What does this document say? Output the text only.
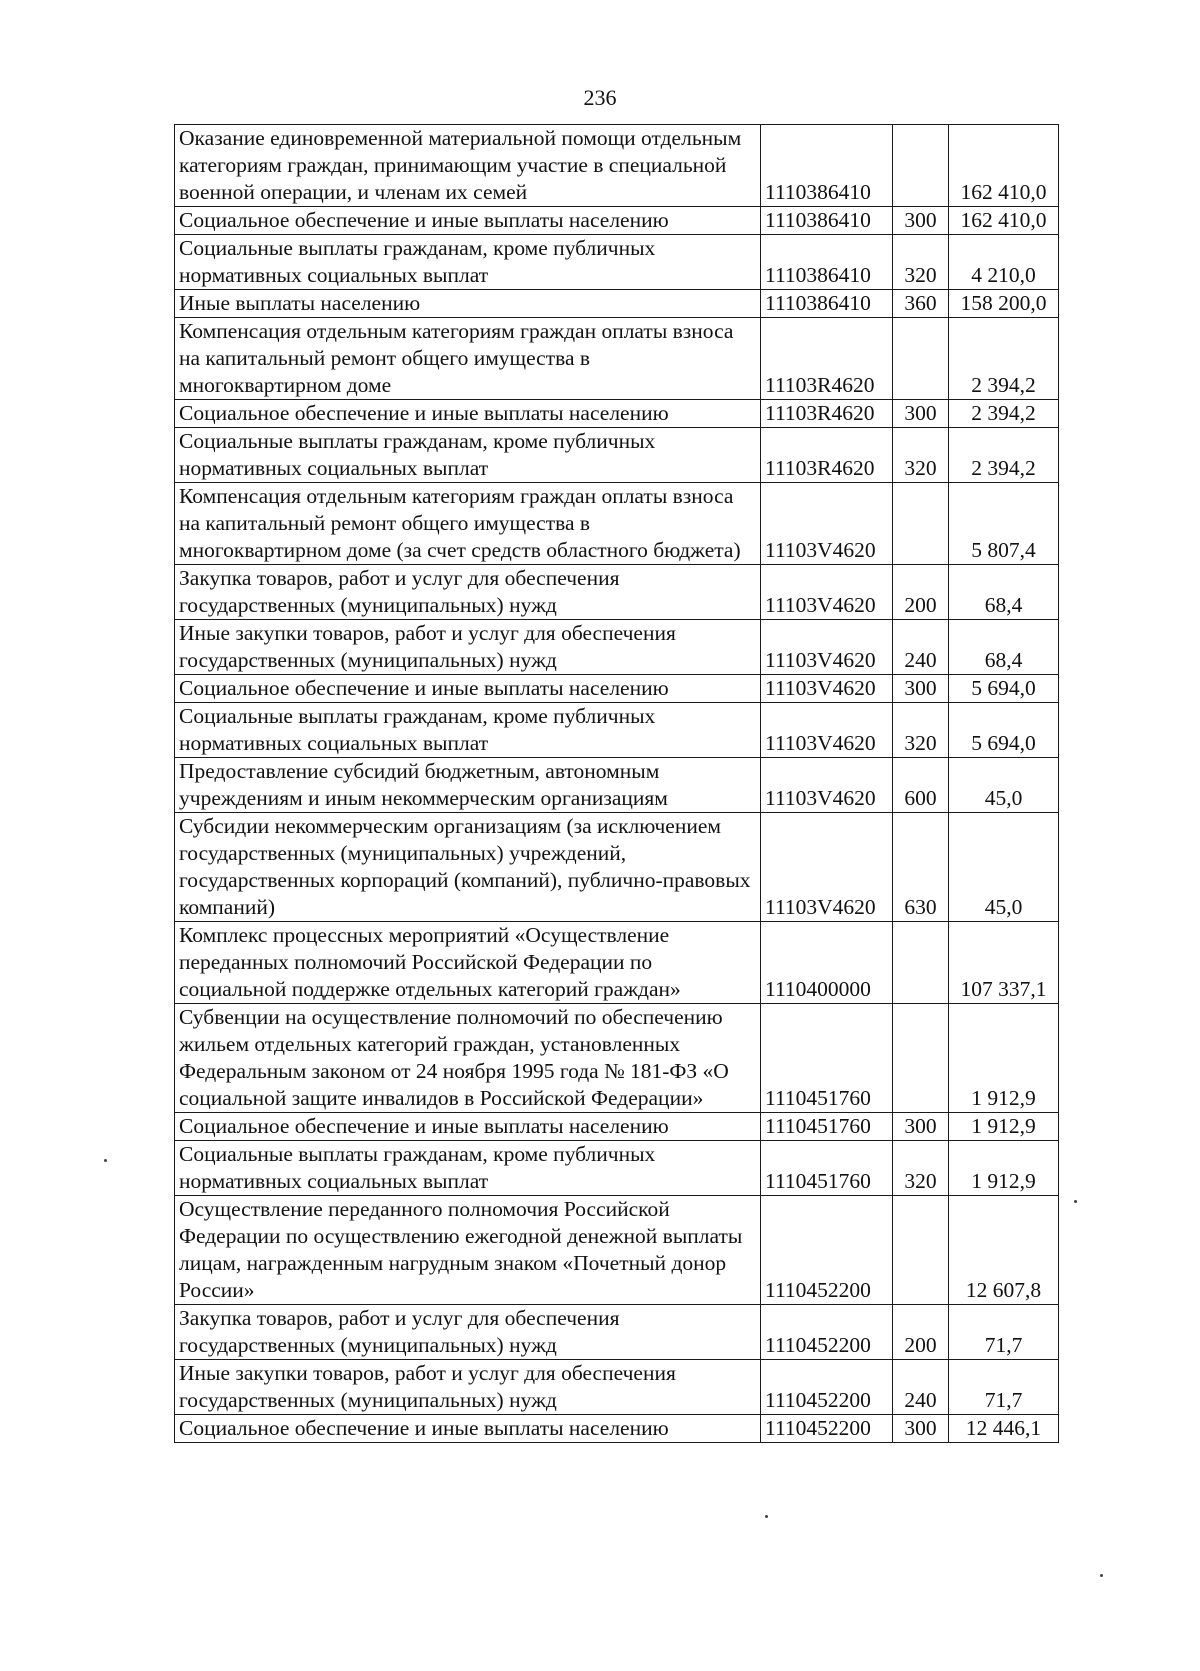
236
Оказание единовременной материальной помощи отдельным категориям граждан, принимающим участие в специальной военной операции, и членам их семей	1110386410		162 410,0
Социальное обеспечение и иные выплаты населению	1110386410	300	162 410,0
Социальные выплаты гражданам, кроме публичных нормативных социальных выплат	1110386410	320	4 210,0
Иные выплаты населению	1110386410	360	158 200,0
Компенсация отдельным категориям граждан оплаты взноса на капитальный ремонт общего имущества в многоквартирном доме	11103R4620		2 394,2
Социальное обеспечение и иные выплаты населению	11103R4620	300	2 394,2
Социальные выплаты гражданам, кроме публичных нормативных социальных выплат	11103R4620	320	2 394,2
Компенсация отдельным категориям граждан оплаты взноса на капитальный ремонт общего имущества в многоквартирном доме (за счет средств областного бюджета)	11103V4620		5 807,4
Закупка товаров, работ и услуг для обеспечения государственных (муниципальных) нужд	11103V4620	200	68,4
Иные закупки товаров, работ и услуг для обеспечения государственных (муниципальных) нужд	11103V4620	240	68,4
Социальное обеспечение и иные выплаты населению	11103V4620	300	5 694,0
Социальные выплаты гражданам, кроме публичных нормативных социальных выплат	11103V4620	320	5 694,0
Предоставление субсидий бюджетным, автономным учреждениям и иным некоммерческим организациям	11103V4620	600	45,0
Субсидии некоммерческим организациям (за исключением государственных (муниципальных) учреждений, государственных корпораций (компаний), публично-правовых компаний)	11103V4620	630	45,0
Комплекс процессных мероприятий «Осуществление переданных полномочий Российской Федерации по социальной поддержке отдельных категорий граждан»	1110400000		107 337,1
Субвенции на осуществление полномочий по обеспечению жильем отдельных категорий граждан, установленных Федеральным законом от 24 ноября 1995 года № 181-ФЗ «О социальной защите инвалидов в Российской Федерации»	1110451760		1 912,9
Социальное обеспечение и иные выплаты населению	1110451760	300	1 912,9
Социальные выплаты гражданам, кроме публичных нормативных социальных выплат	1110451760	320	1 912,9
Осуществление переданного полномочия Российской Федерации по осуществлению ежегодной денежной выплаты лицам, награжденным нагрудным знаком «Почетный донор России»	1110452200		12 607,8
Закупка товаров, работ и услуг для обеспечения государственных (муниципальных) нужд	1110452200	200	71,7
Иные закупки товаров, работ и услуг для обеспечения государственных (муниципальных) нужд	1110452200	240	71,7
Социальное обеспечение и иные выплаты населению	1110452200	300	12 446,1
